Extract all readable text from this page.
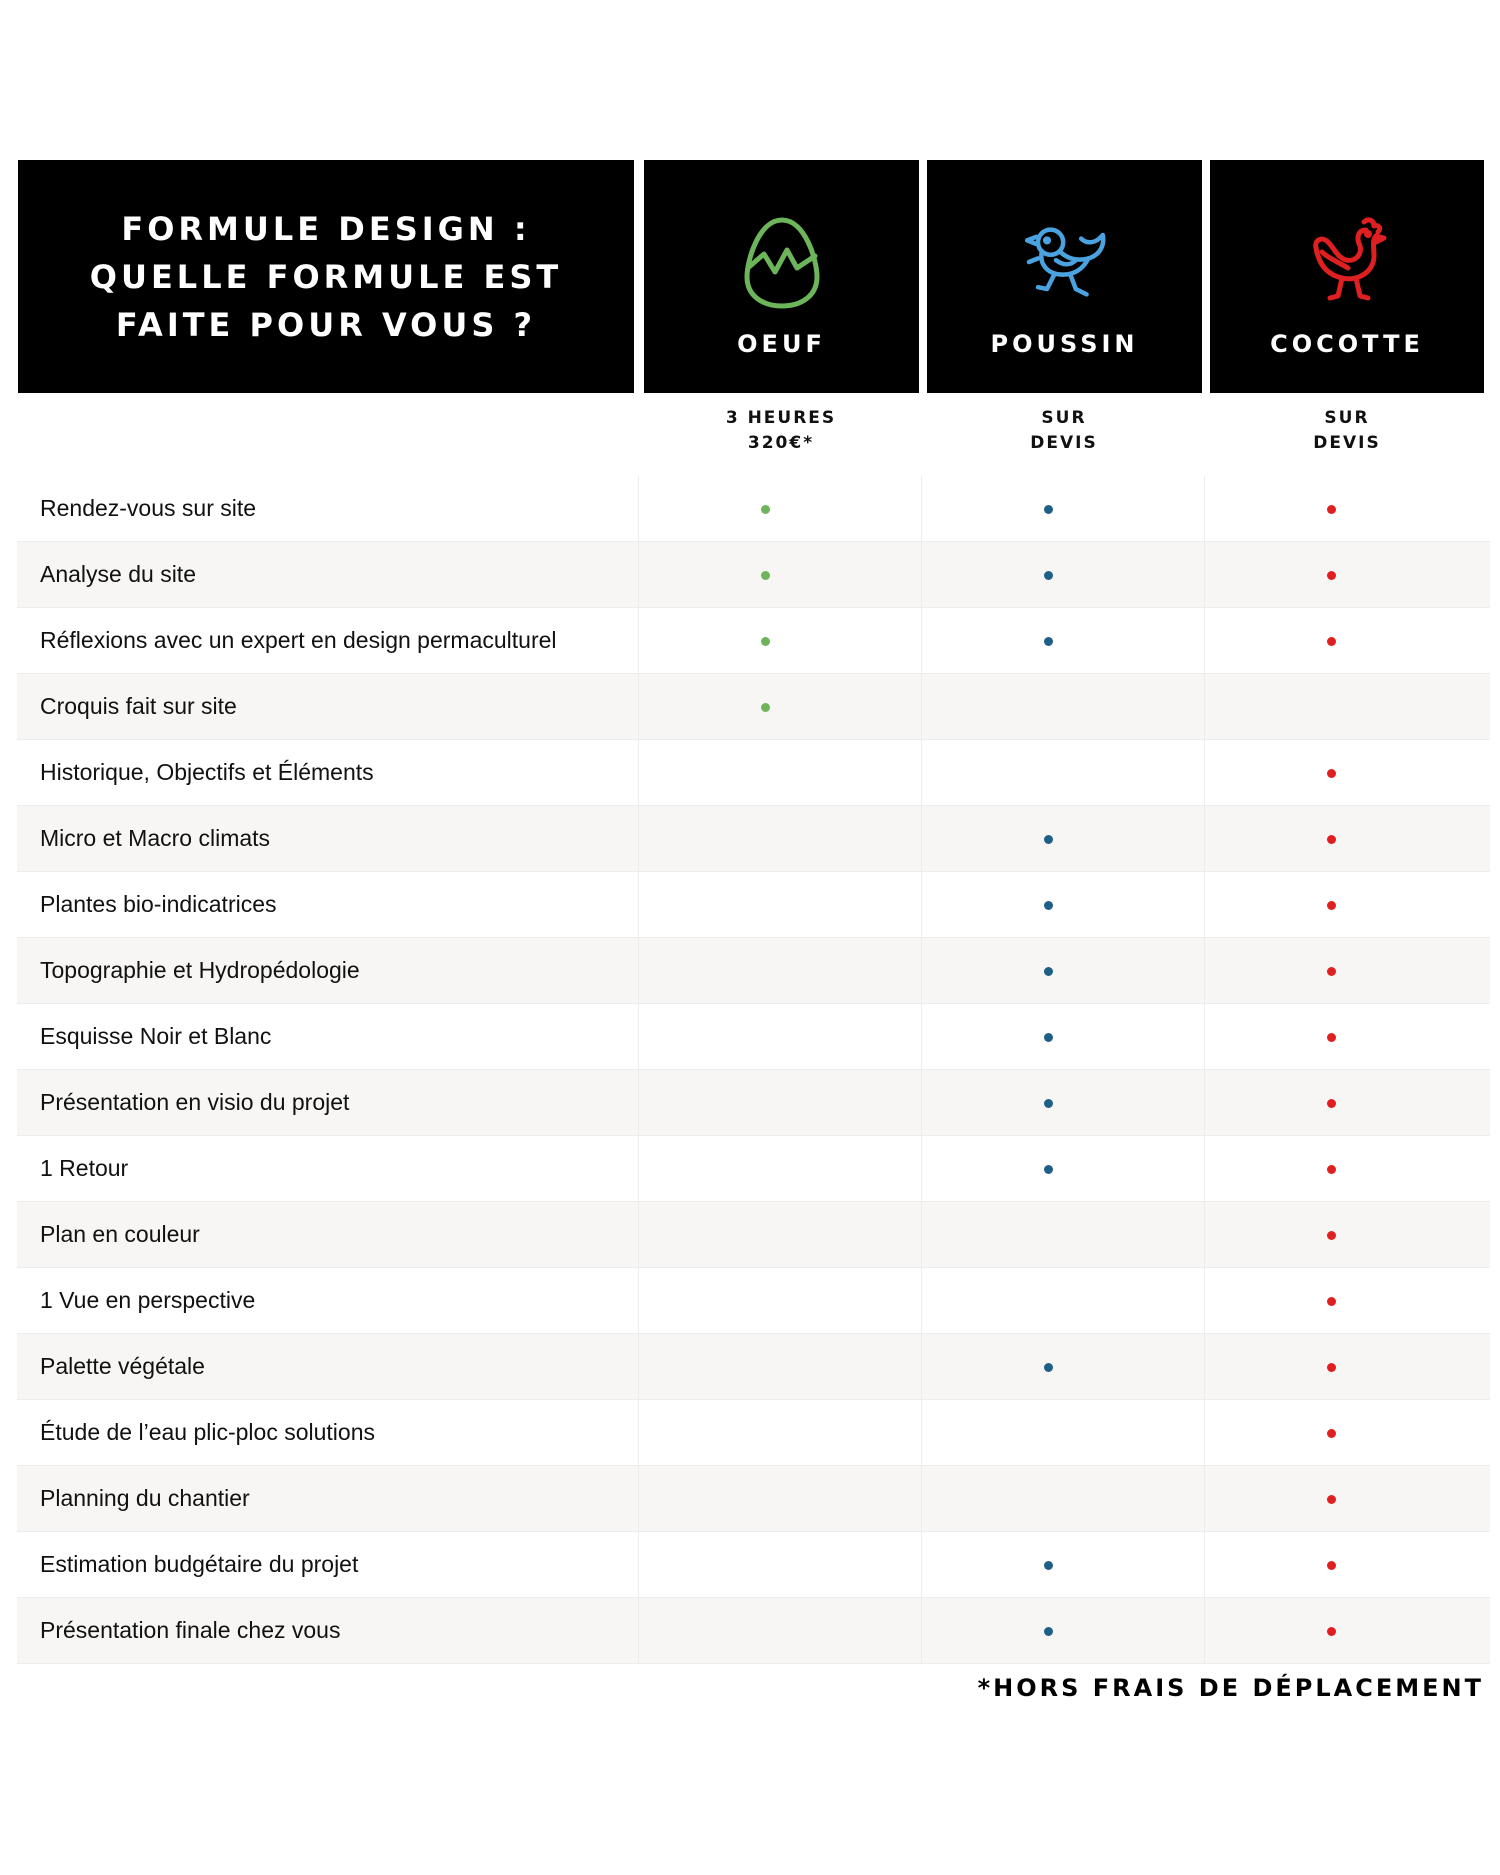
FORMULE DESIGN :
QUELLE FORMULE EST
FAITE POUR VOUS ?
OEUF	POUSSIN	COCOTTE
3 HEURES
320€*
SUR
DEVIS
SUR
DEVIS
Rendez-vous sur site
Analyse du site
Réflexions avec un expert en design permaculturel
Croquis fait sur site
Historique, Objectifs et Éléments
Micro et Macro climats
Plantes bio-indicatrices
Topographie et Hydropédologie
Esquisse Noir et Blanc
Présentation en visio du projet
1 Retour
Plan en couleur
1 Vue en perspective
Palette végétale
Étude de l’eau plic-ploc solutions
Planning du chantier
Estimation budgétaire du projet
Présentation finale chez vous
*HORS FRAIS DE DÉPLACEMENT
